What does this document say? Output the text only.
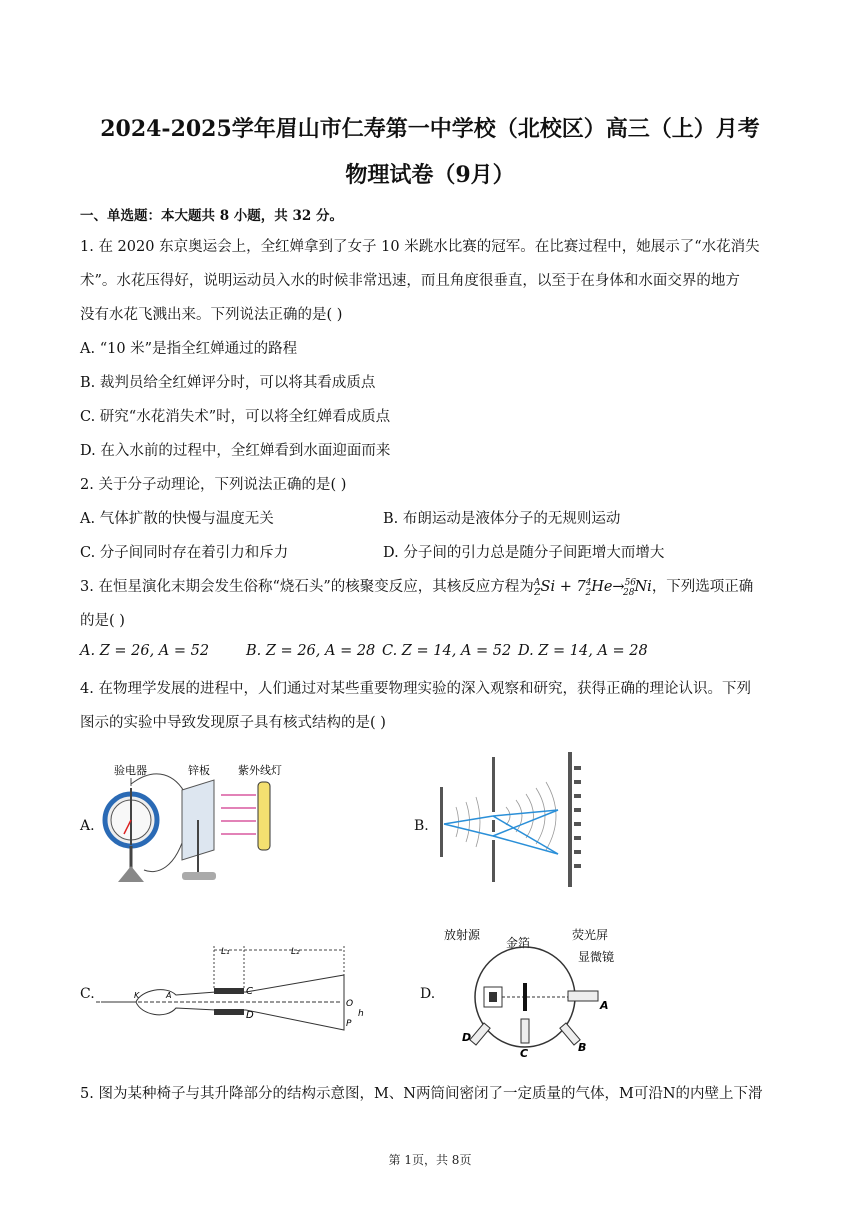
2024-2025学年眉山市仁寿第一中学校（北校区）高三（上）月考
物理试卷（9月）
一、单选题：本大题共 8 小题，共 32 分。
1. 在 2020 东京奥运会上，全红婵拿到了女子 10 米跳水比赛的冠军。在比赛过程中，她展示了“水花消失
术”。水花压得好，说明运动员入水的时候非常迅速，而且角度很垂直，以至于在身体和水面交界的地方
没有水花飞溅出来。下列说法正确的是( )
A. “10 米”是指全红婵通过的路程
B. 裁判员给全红婵评分时，可以将其看成质点
C. 研究“水花消失术”时，可以将全红婵看成质点
D. 在入水前的过程中，全红婵看到水面迎面而来
2. 关于分子动理论，下列说法正确的是( )
A. 气体扩散的快慢与温度无关	B. 布朗运动是液体分子的无规则运动
C. 分子间同时存在着引力和斥力	D. 分子间的引力总是随分子间距增大而增大
3. 在恒星演化末期会发生俗称“烧石头”的核聚变反应，其核反应方程为$^A_ZSi + 7^4_2He\to^{56}_{28}Ni$，下列选项正确
的是( )
A. Z = 26, A = 52	B. Z = 26, A = 28 C. Z = 14, A = 52 D. Z = 14, A = 28
4. 在物理学发展的进程中，人们通过对某些重要物理实验的深入观察和研究，获得正确的理论认识。下列
图示的实验中导致发现原子具有核式结构的是( )
A.
验电器	锌板	紫外线灯
B.
C.
L₁	L₂
C
D
O
P
h
K	A	D.
放射源
金箔
荧光屏
显微镜
A
B
C
D
5. 图为某种椅子与其升降部分的结构示意图，M、N两筒间密闭了一定质量的气体，M可沿N的内壁上下滑
第 1页，共 8页
